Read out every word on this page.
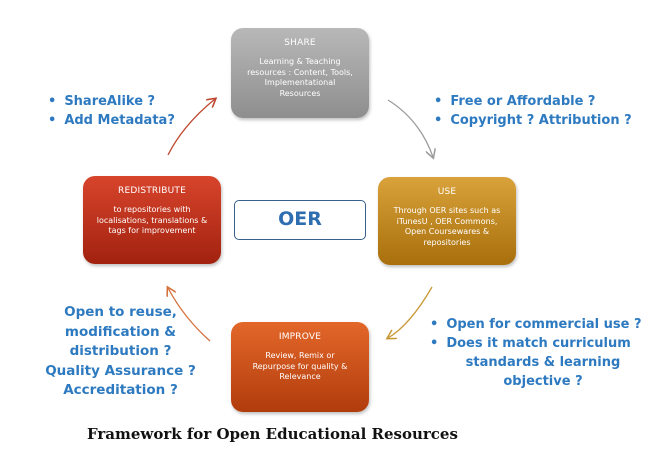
SHARE
Learning & Teaching
resources : Content, Tools,
Implementational
Resources
USE
Through OER sites such as
iTunesU , OER Commons,
Open Coursewares &
repositories
IMPROVE
Review, Remix or
Repurpose for quality &
Relevance
REDISTRIBUTE
to repositories with
localisations, translations &
tags for improvement
OER
• ShareAlike ?
• Add Metadata?
• Free or Affordable ?
• Copyright ? Attribution ?
• Open for commercial use ?
• Does it match curriculum
standards & learning
objective ?
Open to reuse,
modification &
distribution ?
Quality Assurance ?
Accreditation ?
Framework for Open Educational Resources
